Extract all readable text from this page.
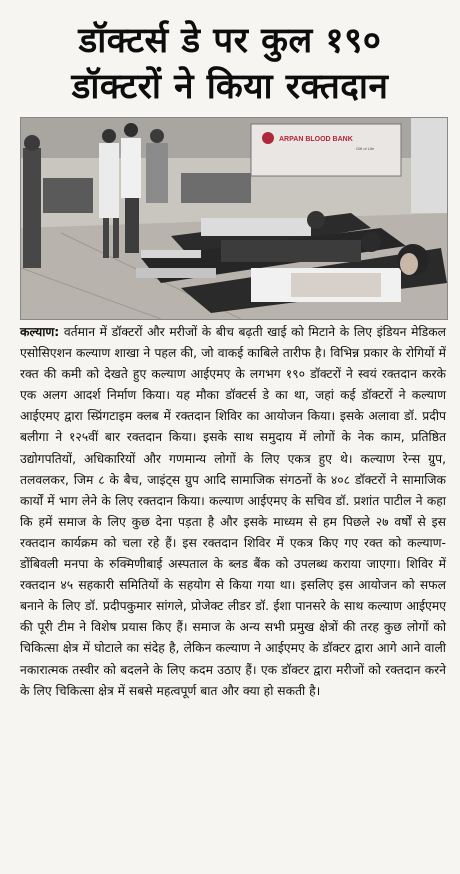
डॉक्टर्स डे पर कुल १९०
डॉक्टरों ने किया रक्तदान
ARPAN BLOOD BANK
Gift of Life
कल्याण: वर्तमान में डॉक्टरों और मरीजों के बीच बढ़ती खाई को मिटाने के लिए इंडियन मेडिकल एसोसिएशन कल्याण शाखा ने पहल की, जो वाकई काबिले तारीफ है। विभिन्न प्रकार के रोगियों में रक्त की कमी को देखते हुए कल्याण आईएमए के लगभग १९० डॉक्टरों ने स्वयं रक्तदान करके एक अलग आदर्श निर्माण किया। यह मौका डॉक्टर्स डे का था, जहां कई डॉक्टरों ने कल्याण आईएमए द्वारा स्प्रिंगटाइम क्लब में रक्तदान शिविर का आयोजन किया। इसके अलावा डॉ. प्रदीप बलीगा ने १२५वीं बार रक्तदान किया। इसके साथ समुदाय में लोगों के नेक काम, प्रतिष्ठित उद्योगपतियों, अधिकारियों और गणमान्य लोगों के लिए एकत्र हुए थे। कल्याण रेन्स ग्रुप, तलवलकर, जिम ८ के बैच, जाइंट्स ग्रुप आदि सामाजिक संगठनों के ४०८ डॉक्टरों ने सामाजिक कार्यों में भाग लेने के लिए रक्तदान किया। कल्याण आईएमए के सचिव डॉ. प्रशांत पाटील ने कहा कि हमें समाज के लिए कुछ देना पड़ता है और इसके माध्यम से हम पिछले २७ वर्षों से इस रक्तदान कार्यक्रम को चला रहे हैं। इस रक्तदान शिविर में एकत्र किए गए रक्त को कल्याण-डोंबिवली मनपा के रुक्मिणीबाई अस्पताल के ब्लड बैंक को उपलब्ध कराया जाएगा। शिविर में रक्तदान ४५ सहकारी समितियों के सहयोग से किया गया था। इसलिए इस आयोजन को सफल बनाने के लिए डॉ. प्रदीपकुमार सांगले, प्रोजेक्ट लीडर डॉ. ईशा पानसरे के साथ कल्याण आईएमए की पूरी टीम ने विशेष प्रयास किए हैं। समाज के अन्य सभी प्रमुख क्षेत्रों की तरह कुछ लोगों को चिकित्सा क्षेत्र में घोटाले का संदेह है, लेकिन कल्याण ने आईएमए के डॉक्टर द्वारा आगे आने वाली नकारात्मक तस्वीर को बदलने के लिए कदम उठाए हैं। एक डॉक्टर द्वारा मरीजों को रक्तदान करने के लिए चिकित्सा क्षेत्र में सबसे महत्वपूर्ण बात और क्या हो सकती है।
